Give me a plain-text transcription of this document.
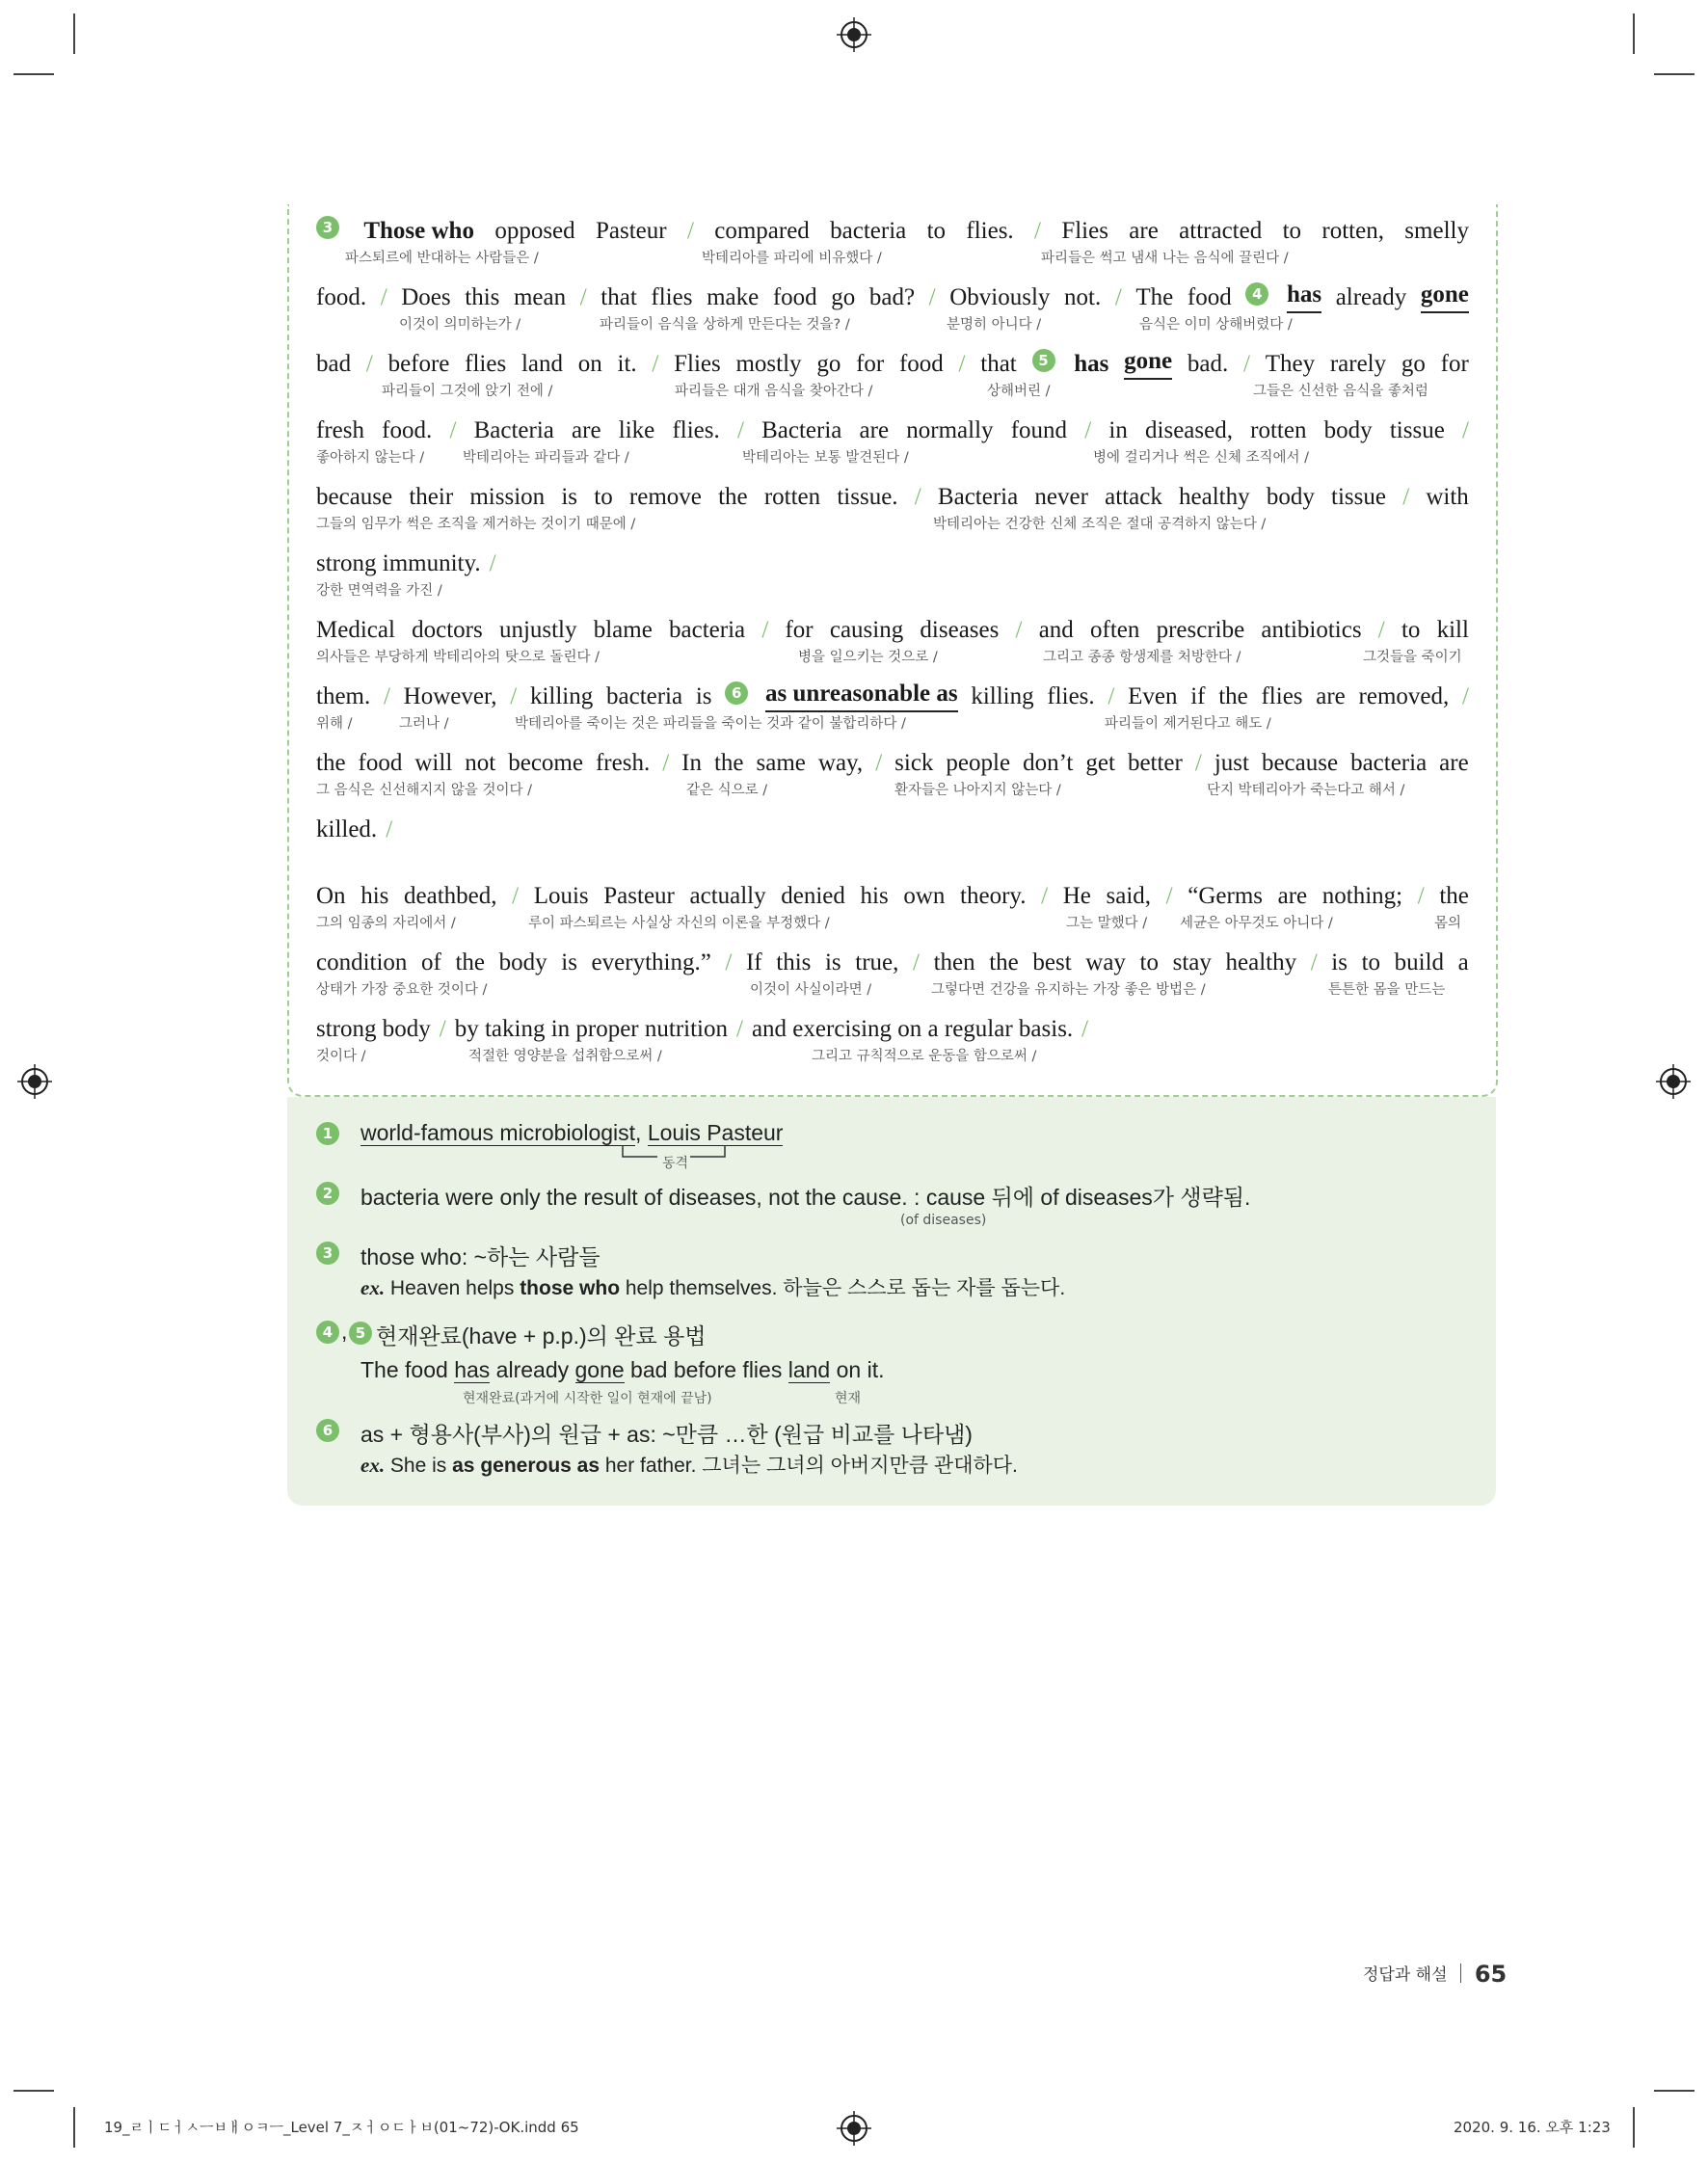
3 Those who opposed Pasteur / compared bacteria to flies. / Flies are attracted to rotten, smelly
파스퇴르에 반대하는 사람들은 /	박테리아를 파리에 비유했다 /	파리들은 썩고 냄새 나는 음식에 끌린다 /
food. / Does this mean / that flies make food go bad? / Obviously not. / The food	4 has already gone
이것이 의미하는가 /	파리들이 음식을 상하게 만든다는 것을? /	분명히 아니다 /	음식은 이미 상해버렸다 /
bad / before flies land on it. / Flies mostly go for food / that	5 has gone bad. / They rarely go for
파리들이 그것에 앉기 전에 /	파리들은 대개 음식을 찾아간다 /	상해버린 /	그들은 신선한 음식을 좋처럼
fresh food. / Bacteria are like flies. / Bacteria are normally found / in diseased, rotten body tissue /
좋아하지 않는다 /	박테리아는 파리들과 같다 /	박테리아는 보통 발견된다 /	병에 걸리거나 썩은 신체 조직에서 /
because their mission is to remove the rotten tissue. / Bacteria never attack healthy body tissue / with
그들의 임무가 썩은 조직을 제거하는 것이기 때문에 /	박테리아는 건강한 신체 조직은 절대 공격하지 않는다 /
strong immunity. /
강한 면역력을 가진 /
Medical doctors unjustly blame bacteria / for causing diseases / and often prescribe antibiotics / to kill
의사들은 부당하게 박테리아의 탓으로 돌린다 /	병을 일으키는 것으로 /	그리고 종종 항생제를 처방한다 /	그것들을 죽이기
them. / However, / killing bacteria is	6 as unreasonable as killing flies. / Even if the flies are removed, /
위해 /	그러나 /	박테리아를 죽이는 것은 파리들을 죽이는 것과 같이 불합리하다 /	파리들이 제거된다고 해도 /
the food will not become fresh. / In the same way, / sick people don’t get better / just because bacteria are
그 음식은 신선해지지 않을 것이다 /	같은 식으로 /	환자들은 나아지지 않는다 /	단지 박테리아가 죽는다고 해서 /
killed. /
On his deathbed, / Louis Pasteur actually denied his own theory. / He said, / “Germs are nothing; / the
그의 임종의 자리에서 /	루이 파스퇴르는 사실상 자신의 이론을 부정했다 /	그는 말했다 / 세균은 아무것도 아니다 /	몸의
condition of the body is everything.” / If this is true, / then the best way to stay healthy / is to build a
상태가 가장 중요한 것이다 /	이것이 사실이라면 /	그렇다면 건강을 유지하는 가장 좋은 방법은 /	튼튼한 몸을 만드는
strong body / by taking in proper nutrition / and exercising on a regular basis. /
것이다 /	적절한 영양분을 섭취함으로써 /	그리고 규칙적으로 운동을 함으로써 /
1 world-famous microbiologist, Louis Pasteur
동격
2 bacteria were only the result of diseases, not the cause. : cause 뒤에 of diseases가 생략됨.
(of diseases)
3 those who: ~하는 사람들
ex. Heaven helps those who help themselves. 하늘은 스스로 돕는 자를 돕는다.
4 , 5 현재완료(have + p.p.)의 완료 용법
The food has already gone bad before flies land on it.
현재완료(과거에 시작한 일이 현재에 끝남)	현재
6 as + 형용사(부사)의 원급 + as: ~만큼 …한 (원급 비교를 나타냄)
ex. She is as generous as her father. 그녀는 그녀의 아버지만큼 관대하다.
정답과 해설 65
19_ㄹㅣㄷㅓㅅㅡㅂㅐㅇㅋㅡ_Level 7_ㅈㅓㅇㄷㅏㅂ(01~72)-OK.indd 65	2020. 9. 16. 오후 1:23
